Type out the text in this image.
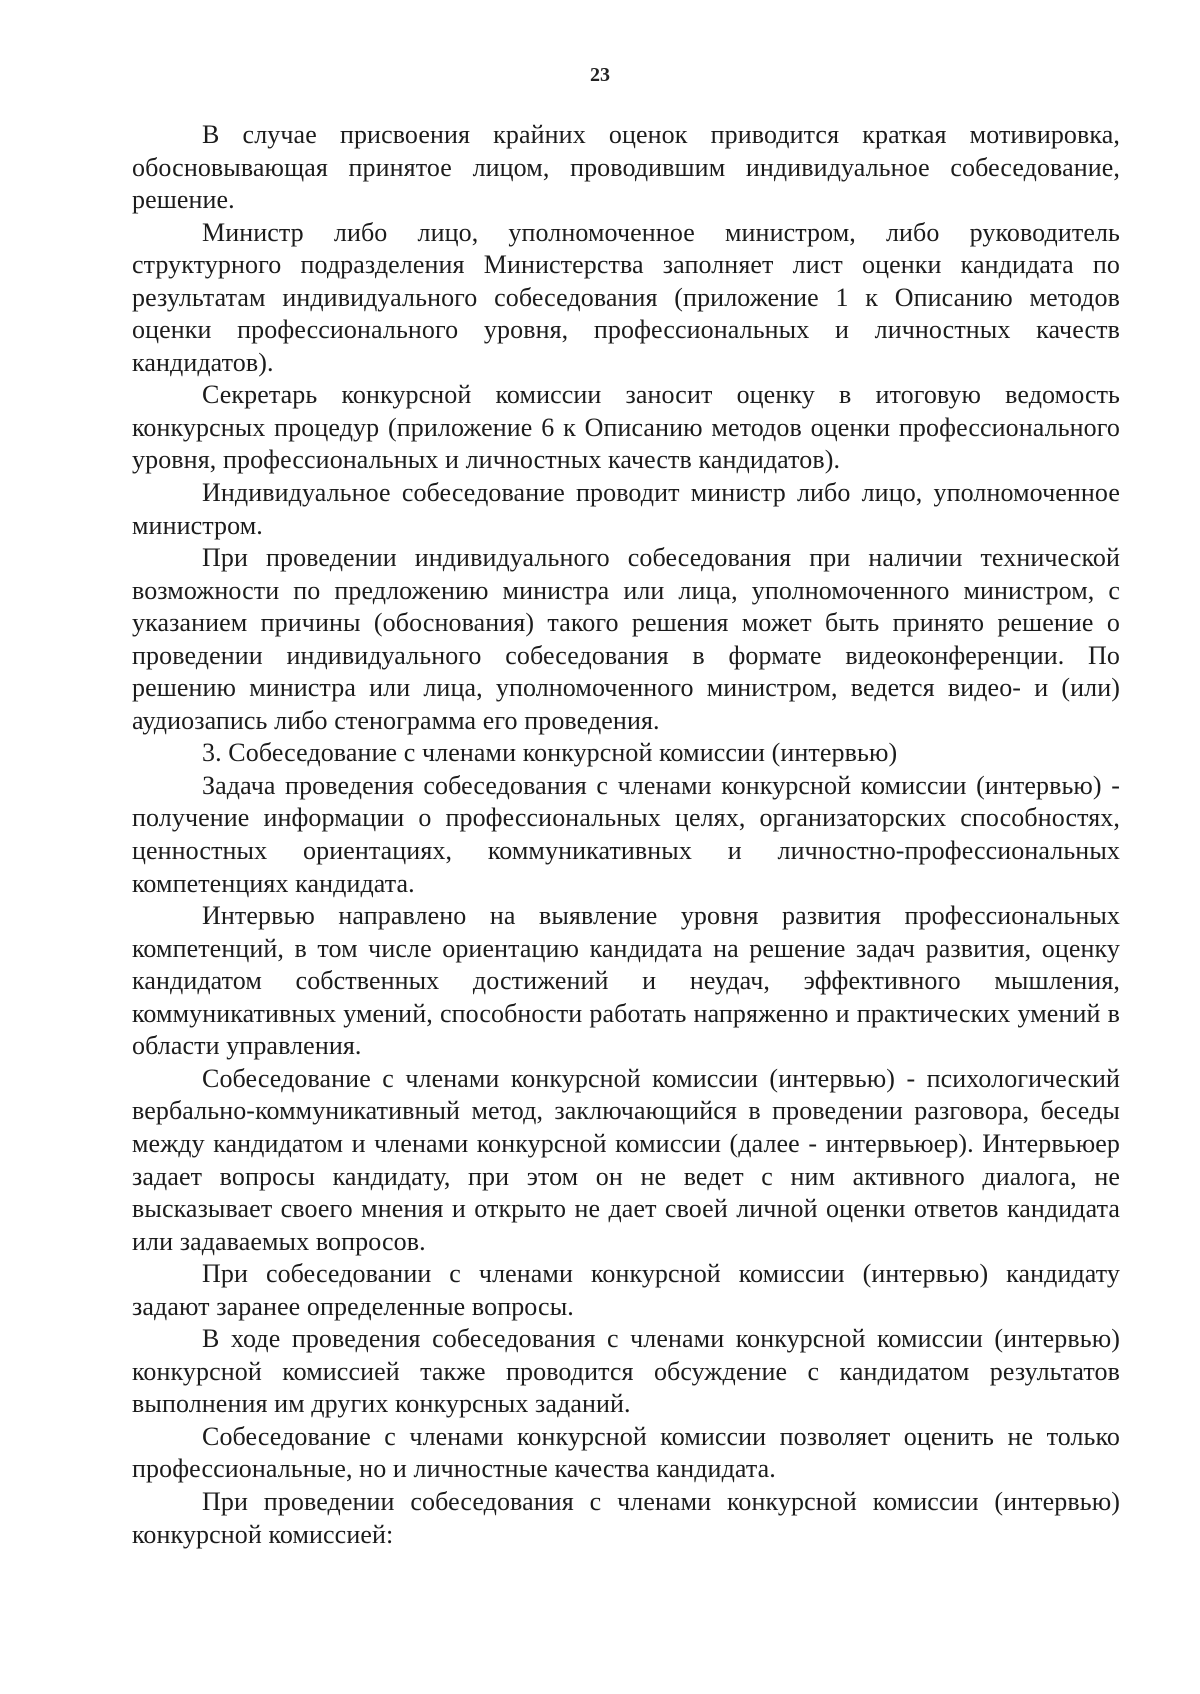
23

В случае присвоения крайних оценок приводится краткая мотивировка, обосновывающая принятое лицом, проводившим индивидуальное собеседование, решение.

Министр либо лицо, уполномоченное министром, либо руководитель структурного подразделения Министерства заполняет лист оценки кандидата по результатам индивидуального собеседования (приложение 1 к Описанию методов оценки профессионального уровня, профессиональных и личностных качеств кандидатов).

Секретарь конкурсной комиссии заносит оценку в итоговую ведомость конкурсных процедур (приложение 6 к Описанию методов оценки профессионального уровня, профессиональных и личностных качеств кандидатов).

Индивидуальное собеседование проводит министр либо лицо, уполномоченное министром.

При проведении индивидуального собеседования при наличии технической возможности по предложению министра или лица, уполномоченного министром, с указанием причины (обоснования) такого решения может быть принято решение о проведении индивидуального собеседования в формате видеоконференции. По решению министра или лица, уполномоченного министром, ведется видео- и (или) аудиозапись либо стенограмма его проведения.

3. Собеседование с членами конкурсной комиссии (интервью)

Задача проведения собеседования с членами конкурсной комиссии (интервью) - получение информации о профессиональных целях, организаторских способностях, ценностных ориентациях, коммуникативных и личностно-профессиональных компетенциях кандидата.

Интервью направлено на выявление уровня развития профессиональных компетенций, в том числе ориентацию кандидата на решение задач развития, оценку кандидатом собственных достижений и неудач, эффективного мышления, коммуникативных умений, способности работать напряженно и практических умений в области управления.

Собеседование с членами конкурсной комиссии (интервью) - психологический вербально-коммуникативный метод, заключающийся в проведении разговора, беседы между кандидатом и членами конкурсной комиссии (далее - интервьюер). Интервьюер задает вопросы кандидату, при этом он не ведет с ним активного диалога, не высказывает своего мнения и открыто не дает своей личной оценки ответов кандидата или задаваемых вопросов.

При собеседовании с членами конкурсной комиссии (интервью) кандидату задают заранее определенные вопросы.

В ходе проведения собеседования с членами конкурсной комиссии (интервью) конкурсной комиссией также проводится обсуждение с кандидатом результатов выполнения им других конкурсных заданий.

Собеседование с членами конкурсной комиссии позволяет оценить не только профессиональные, но и личностные качества кандидата.

При проведении собеседования с членами конкурсной комиссии (интервью) конкурсной комиссией:
